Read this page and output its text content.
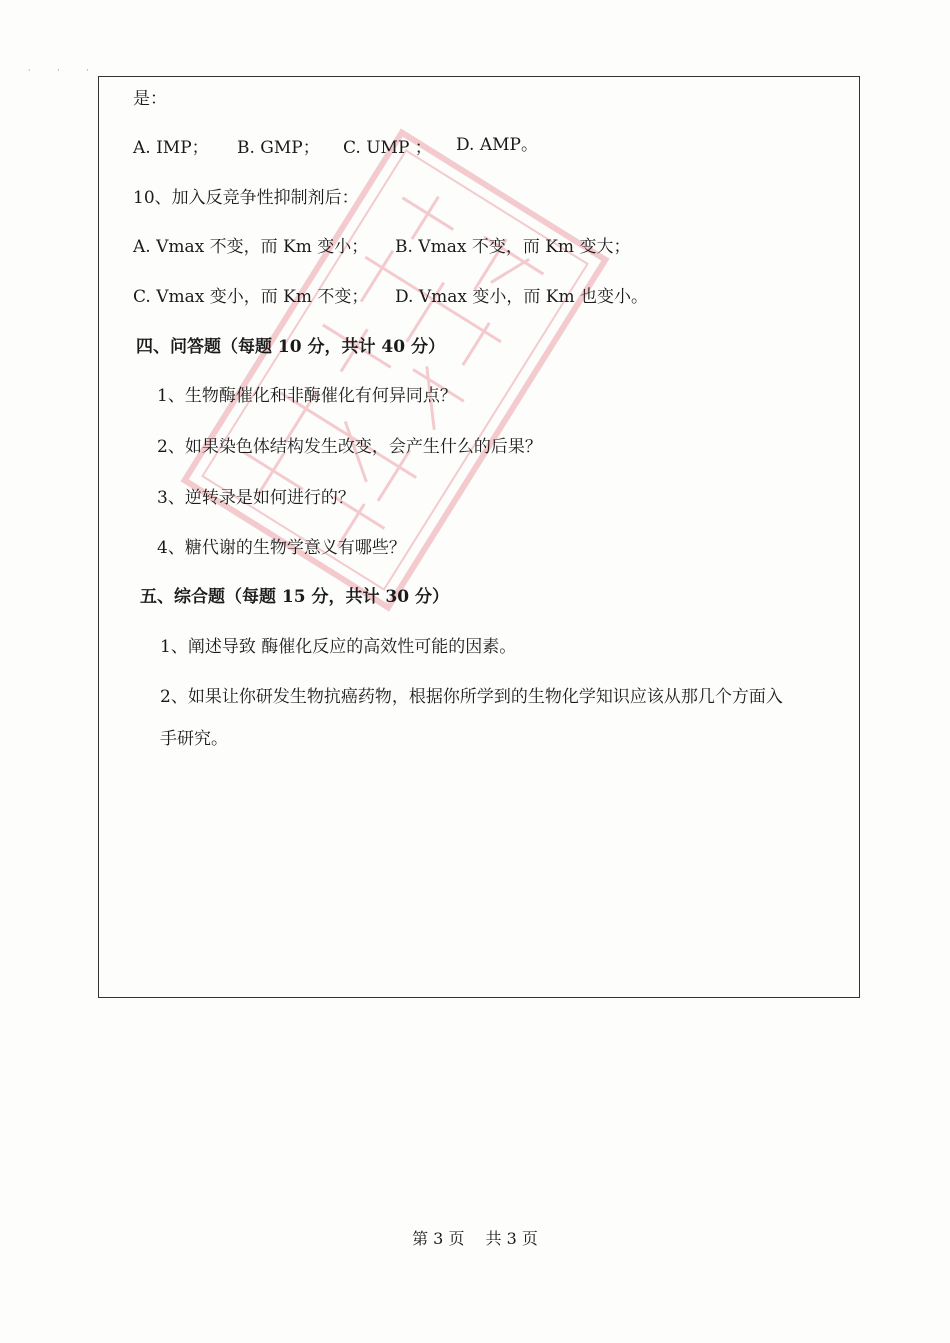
· · ·
是：
A. IMP； B. GMP； C. UMP ； D. AMP。
10、加入反竞争性抑制剂后：
A. Vmax 不变，而 Km 变小； B. Vmax 不变，而 Km 变大；
C. Vmax 变小，而 Km 不变； D. Vmax 变小，而 Km 也变小。
四、问答题（每题 10 分，共计 40 分）
1、生物酶催化和非酶催化有何异同点？
2、如果染色体结构发生改变，会产生什么的后果？
3、逆转录是如何进行的？
4、糖代谢的生物学意义有哪些？
五、综合题（每题 15 分，共计 30 分）
1、阐述导致 酶催化反应的高效性可能的因素。
2、如果让你研发生物抗癌药物，根据你所学到的生物化学知识应该从那几个方面入
手研究。
第 3 页 共 3 页
